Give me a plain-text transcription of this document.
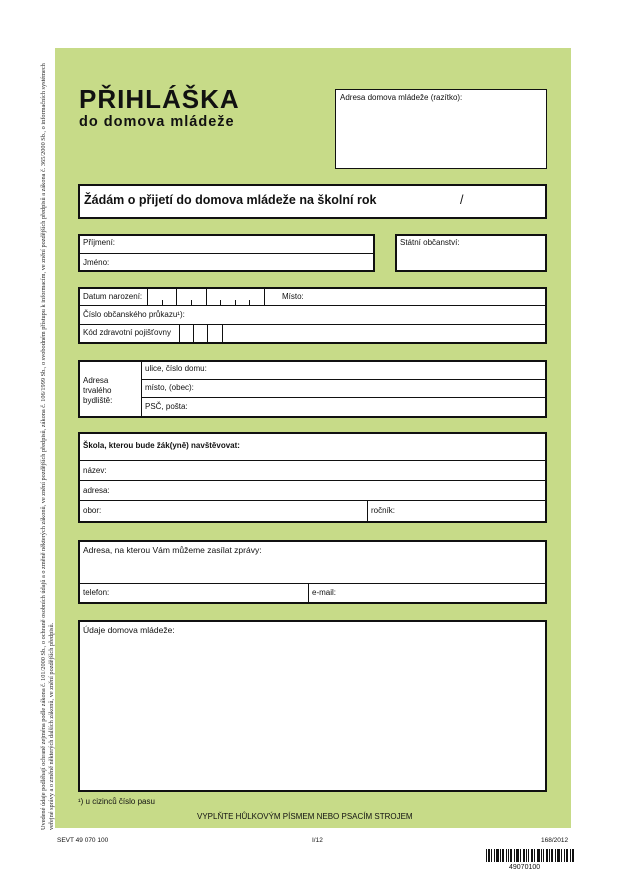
Uvedené údaje podléhají ochraně zejména podle zákona č. 101/2000 Sb., o ochraně osobních údajů a o změně některých zákonů, ve znění pozdějších předpisů, zákona č. 106/1999 Sb., o svobodném přístupu k informacím, ve znění pozdějších předpisů a zákona č. 365/2000 Sb., o informačních systémech veřejné správy a o změně některých dalších zákonů, ve znění pozdějších předpisů.
PŘIHLÁŠKA
do domova mládeže
Adresa domova mládeže (razítko):
Žádám o přijetí do domova mládeže na školní rok	/
Příjmení:
Jméno:
Státní občanství:
Datum narození:	Místo:
Číslo občanského průkazu¹):
Kód zdravotní pojišťovny
Adresa
trvalého
bydliště:
ulice, číslo domu:
místo, (obec):
PSČ, pošta:
Škola, kterou bude žák(yně) navštěvovat:
název:
adresa:
obor:	ročník:
Adresa, na kterou Vám můžeme zasílat zprávy:
telefon:	e-mail:
Údaje domova mládeže:
¹) u cizinců číslo pasu
VYPLŇTE HŮLKOVÝM PÍSMEM NEBO PSACÍM STROJEM
SEVT 49 070 100	I/12	168/2012
49070100
